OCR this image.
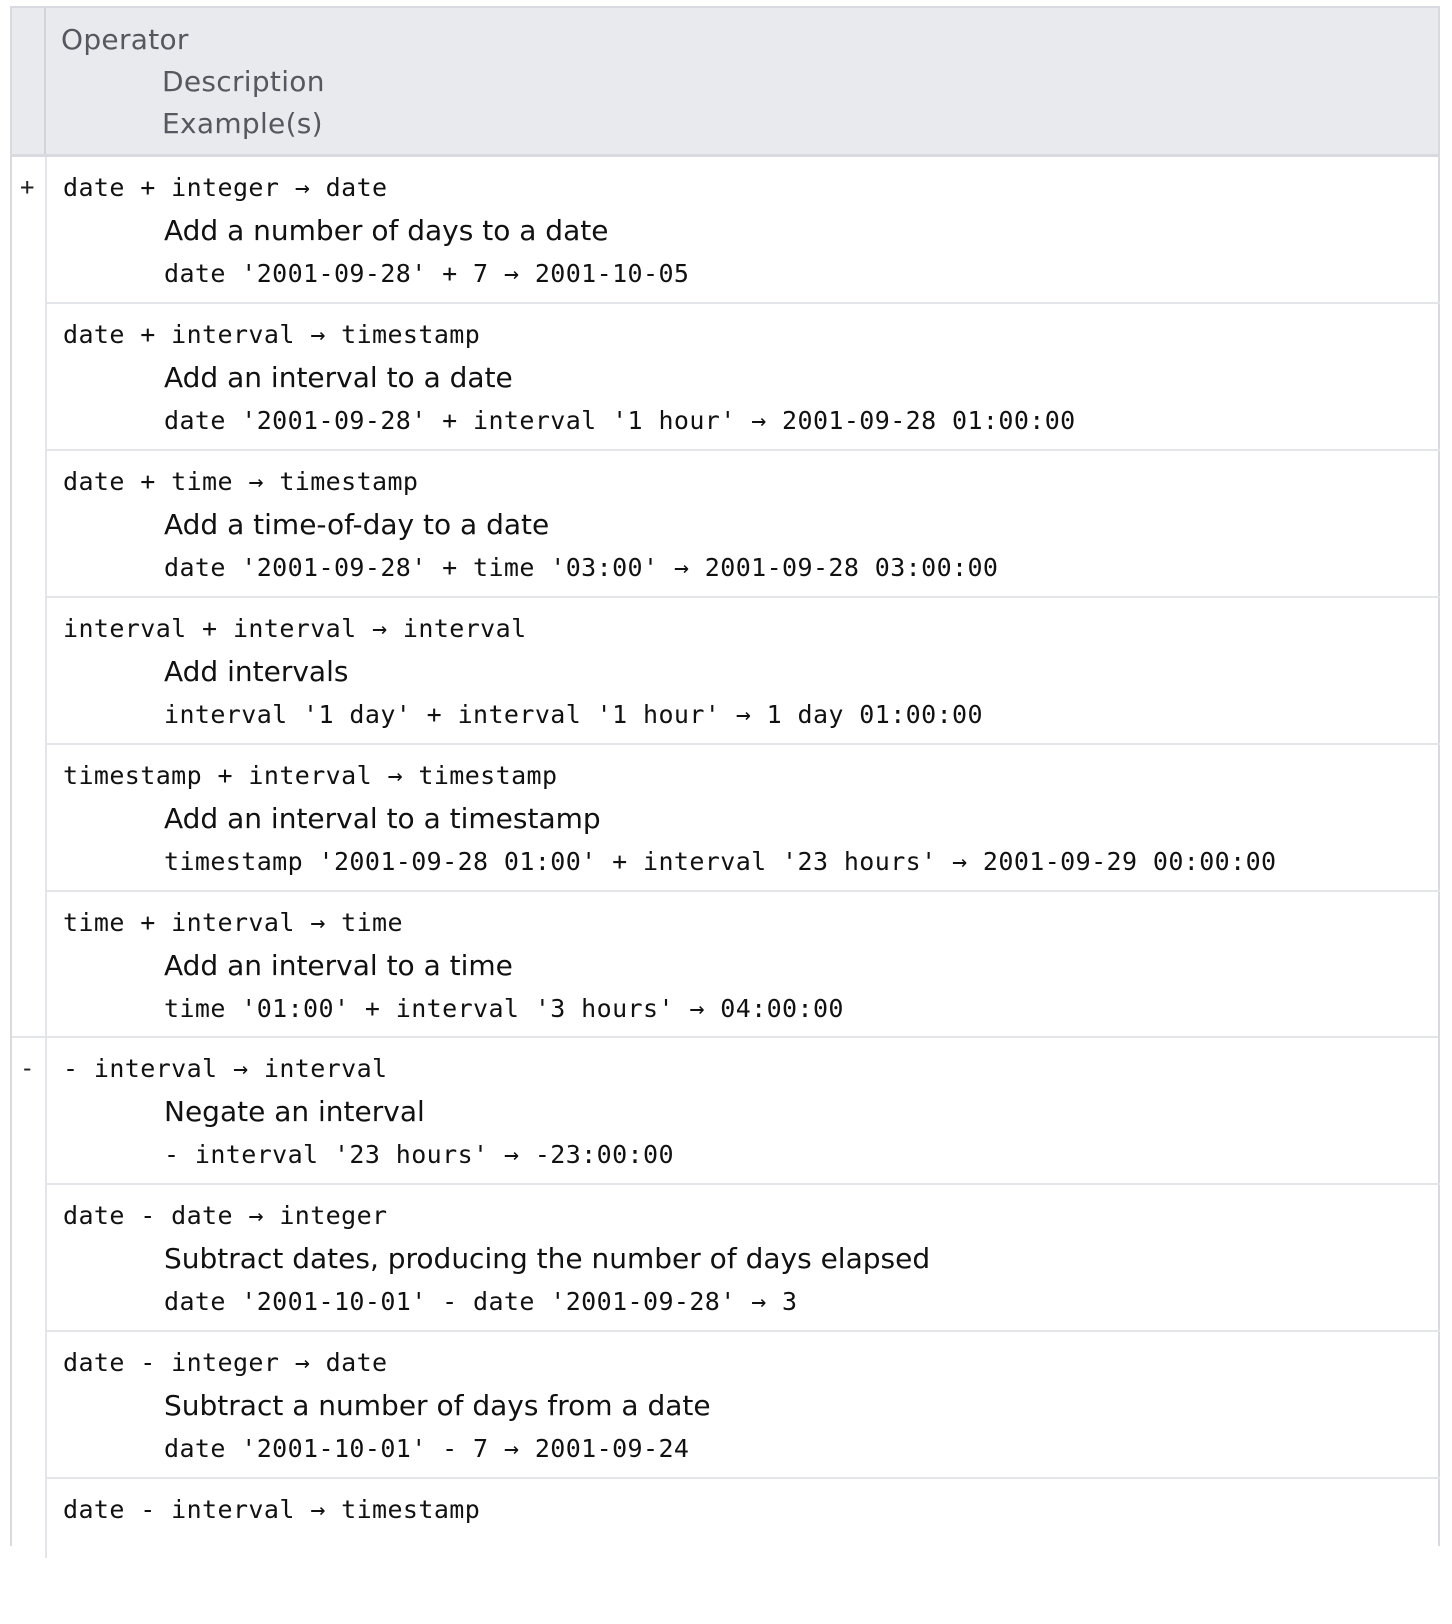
Operator
Description
Example(s)
+ date + integer → date
Add a number of days to a date
date '2001-09-28' + 7 → 2001-10-05
date + interval → timestamp
Add an interval to a date
date '2001-09-28' + interval '1 hour' → 2001-09-28 01:00:00
date + time → timestamp
Add a time-of-day to a date
date '2001-09-28' + time '03:00' → 2001-09-28 03:00:00
interval + interval → interval
Add intervals
interval '1 day' + interval '1 hour' → 1 day 01:00:00
timestamp + interval → timestamp
Add an interval to a timestamp
timestamp '2001-09-28 01:00' + interval '23 hours' → 2001-09-29 00:00:00
time + interval → time
Add an interval to a time
time '01:00' + interval '3 hours' → 04:00:00
- - interval → interval
Negate an interval
- interval '23 hours' → -23:00:00
date - date → integer
Subtract dates, producing the number of days elapsed
date '2001-10-01' - date '2001-09-28' → 3
date - integer → date
Subtract a number of days from a date
date '2001-10-01' - 7 → 2001-09-24
date - interval → timestamp
